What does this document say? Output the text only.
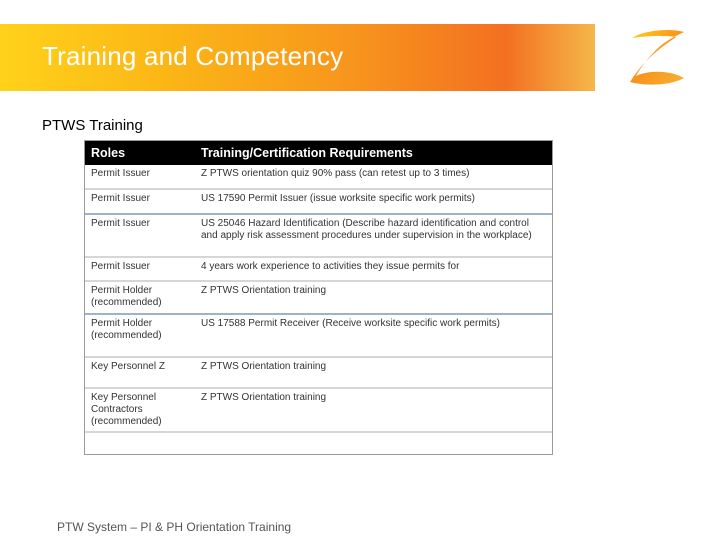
Training and Competency
PTWS Training
Roles	Training/Certification Requirements
Permit Issuer	Z PTWS orientation quiz 90% pass (can retest up to 3 times)
Permit Issuer	US 17590 Permit Issuer (issue worksite specific work permits)
Permit Issuer	US 25046 Hazard Identification (Describe hazard identification and control and apply risk assessment procedures under supervision in the workplace)
Permit Issuer	4 years work experience to activities they issue permits for
Permit Holder (recommended)	Z PTWS Orientation training
Permit Holder (recommended)	US 17588 Permit Receiver (Receive worksite specific work permits)
Key Personnel Z	Z PTWS Orientation training
Key Personnel Contractors (recommended)	Z PTWS Orientation training
PTW System – PI & PH Orientation Training
